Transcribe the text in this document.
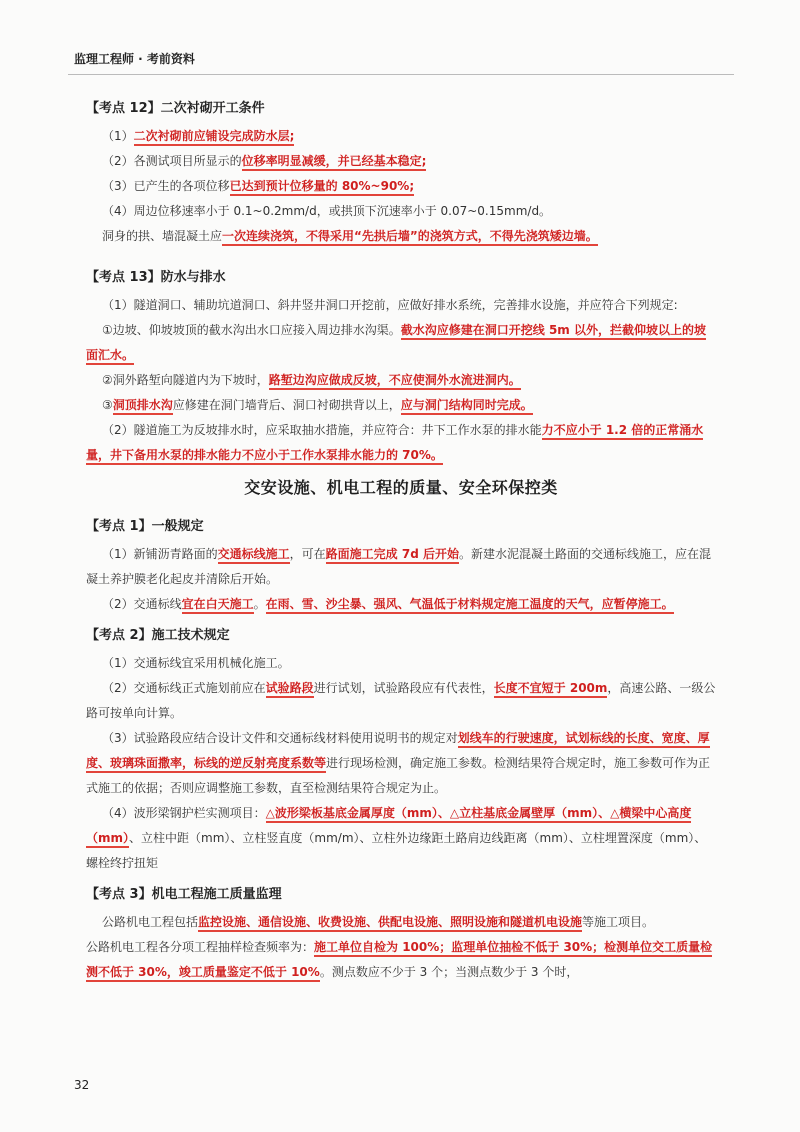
监理工程师 · 考前资料
【考点 12】二次衬砌开工条件

（1）二次衬砌前应铺设完成防水层;

（2）各测试项目所显示的位移率明显减缓，并已经基本稳定;

（3）已产生的各项位移已达到预计位移量的 80%~90%;

（4）周边位移速率小于 0.1~0.2mm/d，或拱顶下沉速率小于 0.07~0.15mm/d。

洞身的拱、墙混凝土应一次连续浇筑，不得采用“先拱后墙”的浇筑方式，不得先浇筑矮边墙。

【考点 13】防水与排水

（1）隧道洞口、辅助坑道洞口、斜井竖井洞口开挖前，应做好排水系统，完善排水设施，并应符合下列规定:

①边坡、仰坡坡顶的截水沟出水口应接入周边排水沟渠。截水沟应修建在洞口开挖线 5m 以外，拦截仰坡以上的坡面汇水。

②洞外路堑向隧道内为下坡时，路堑边沟应做成反坡，不应使洞外水流进洞内。

③洞顶排水沟应修建在洞门墙背后、洞口衬砌拱背以上，应与洞门结构同时完成。

（2）隧道施工为反坡排水时，应采取抽水措施，并应符合：井下工作水泵的排水能力不应小于 1.2 倍的正常涌水量，井下备用水泵的排水能力不应小于工作水泵排水能力的 70%。

交安设施、机电工程的质量、安全环保控类
【考点 1】一般规定

（1）新铺沥青路面的交通标线施工，可在路面施工完成 7d 后开始。新建水泥混凝土路面的交通标线施工，应在混凝土养护膜老化起皮并清除后开始。

（2）交通标线宜在白天施工。在雨、雪、沙尘暴、强风、气温低于材料规定施工温度的天气，应暂停施工。

【考点 2】施工技术规定

（1）交通标线宜采用机械化施工。

（2）交通标线正式施划前应在试验路段进行试划，试验路段应有代表性，长度不宜短于 200m，高速公路、一级公路可按单向计算。

（3）试验路段应结合设计文件和交通标线材料使用说明书的规定对划线车的行驶速度，试划标线的长度、宽度、厚度、玻璃珠面撒率，标线的逆反射亮度系数等进行现场检测，确定施工参数。检测结果符合规定时，施工参数可作为正式施工的依据；否则应调整施工参数，直至检测结果符合规定为止。

（4）波形梁钢护栏实测项目：△波形梁板基底金属厚度（mm）、△立柱基底金属壁厚（mm）、△横梁中心高度（mm）、立柱中距（mm）、立柱竖直度（mm/m）、立柱外边缘距土路肩边线距离（mm）、立柱埋置深度（mm）、螺栓终拧扭矩

【考点 3】机电工程施工质量监理

公路机电工程包括监控设施、通信设施、收费设施、供配电设施、照明设施和隧道机电设施等施工项目。

公路机电工程各分项工程抽样检查频率为：施工单位自检为 100%；监理单位抽检不低于 30%；检测单位交工质量检测不低于 30%，竣工质量鉴定不低于 10%。测点数应不少于 3 个；当测点数少于 3 个时，

32
